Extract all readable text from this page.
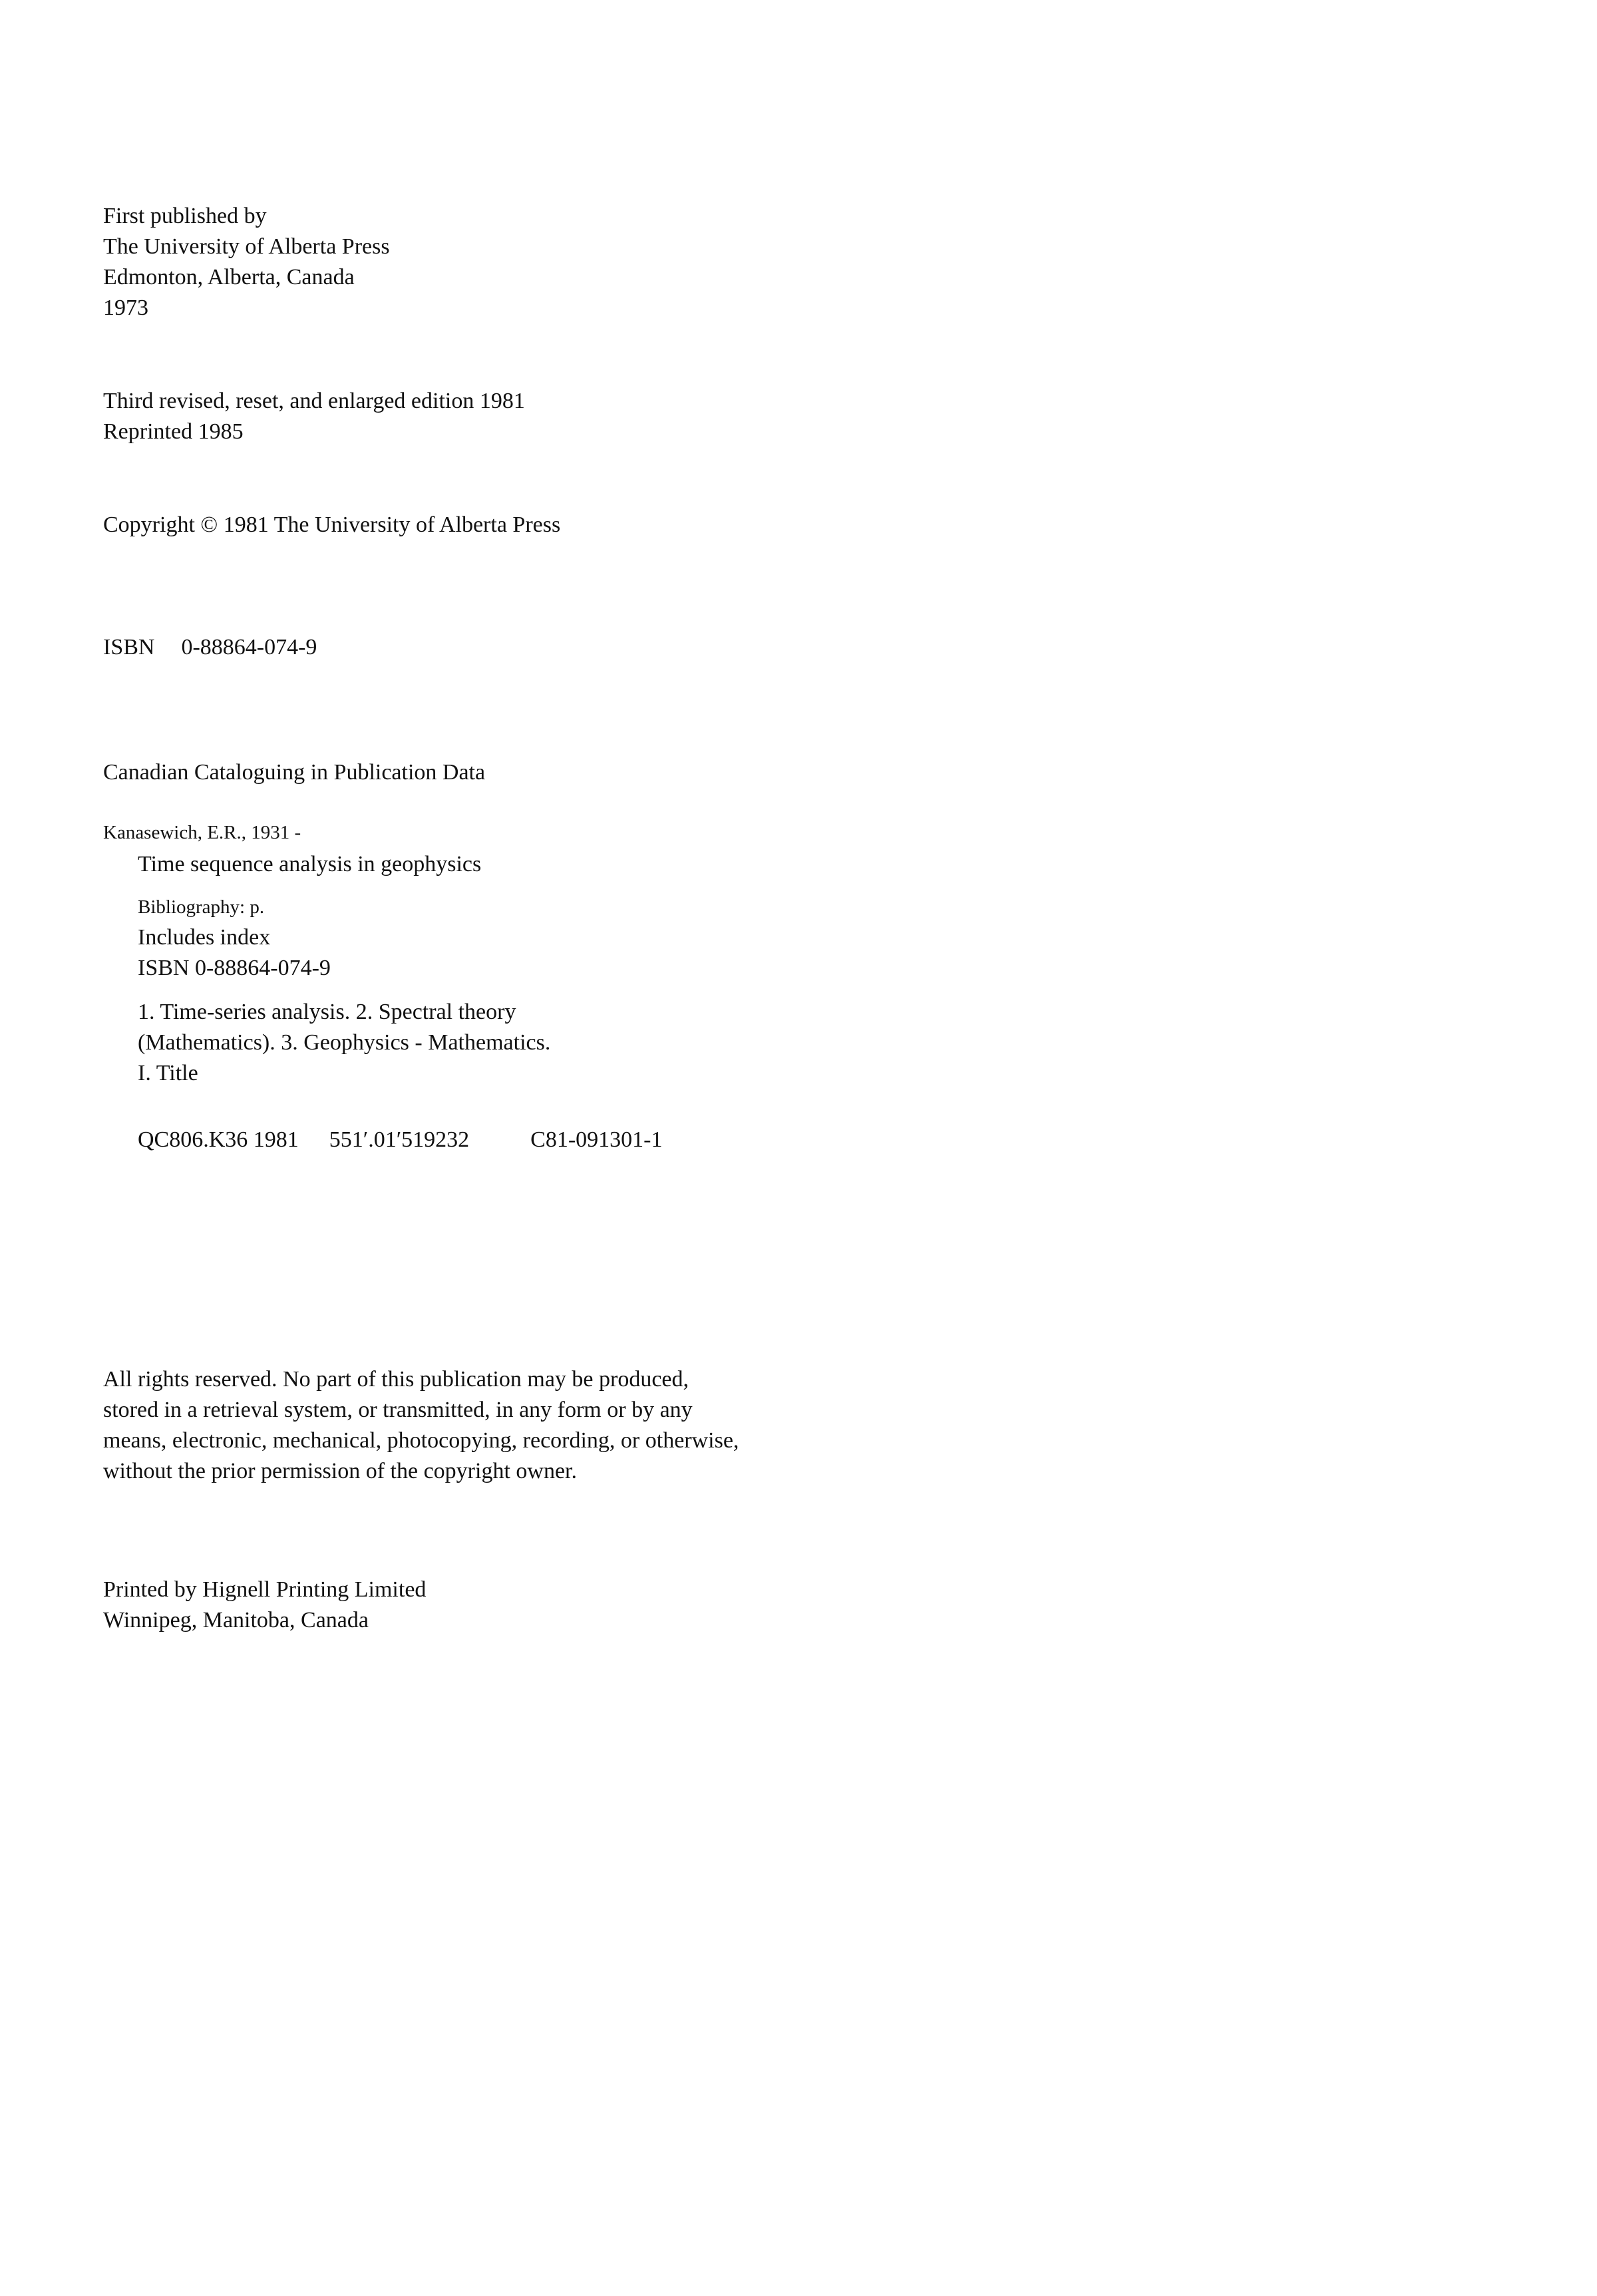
First published by
The University of Alberta Press
Edmonton, Alberta, Canada
1973
Third revised, reset, and enlarged edition 1981
Reprinted 1985
Copyright © 1981 The University of Alberta Press
ISBN 0-88864-074-9
Canadian Cataloguing in Publication Data
Kanasewich, E.R., 1931 -
Time sequence analysis in geophysics
Bibliography: p.
Includes index
ISBN 0-88864-074-9
1. Time-series analysis. 2. Spectral theory
(Mathematics). 3. Geophysics - Mathematics.
I. Title
QC806.K36 1981 551′.01′519232	C81-091301-1
All rights reserved. No part of this publication may be produced,
stored in a retrieval system, or transmitted, in any form or by any
means, electronic, mechanical, photocopying, recording, or otherwise,
without the prior permission of the copyright owner.
Printed by Hignell Printing Limited
Winnipeg, Manitoba, Canada
